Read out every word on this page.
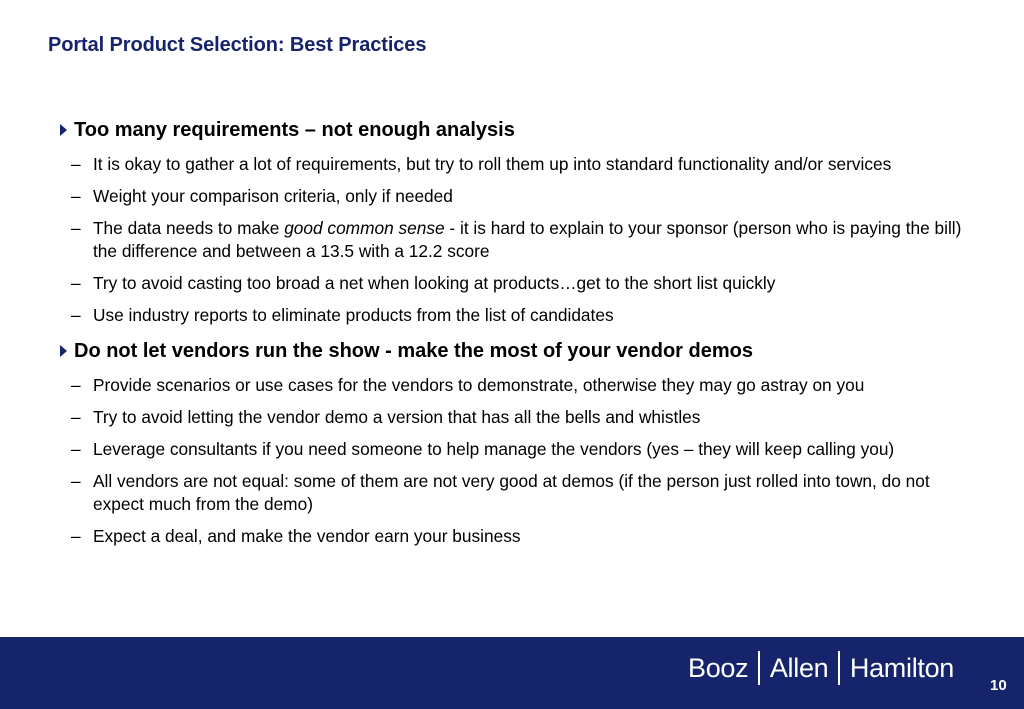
Portal Product Selection: Best Practices
Too many requirements – not enough analysis
– It is okay to gather a lot of requirements, but try to roll them up into standard functionality and/or services
– Weight your comparison criteria, only if needed
– The data needs to make good common sense - it is hard to explain to your sponsor (person who is paying the bill) the difference and between a 13.5 with a 12.2 score
– Try to avoid casting too broad a net when looking at products…get to the short list quickly
– Use industry reports to eliminate products from the list of candidates
Do not let vendors run the show - make the most of your vendor demos
– Provide scenarios or use cases for the vendors to demonstrate, otherwise they may go astray on you
– Try to avoid letting the vendor demo a version that has all the bells and whistles
– Leverage consultants if you need someone to help manage the vendors (yes – they will keep calling you)
– All vendors are not equal: some of them are not very good at demos (if the person just rolled into town, do not expect much from the demo)
– Expect a deal, and make the vendor earn your business
Booz Allen Hamilton
10
